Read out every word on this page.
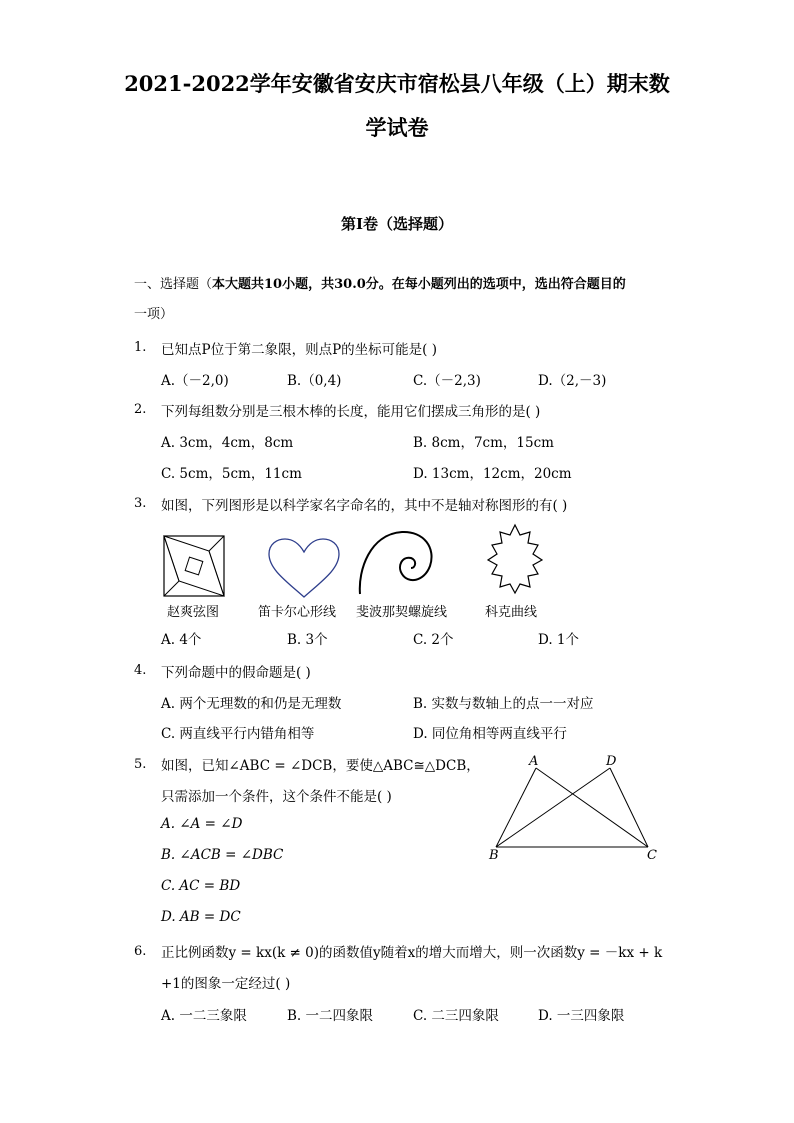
2021-2022学年安徽省安庆市宿松县八年级（上）期末数
学试卷
第I卷（选择题）
一、选择题（本大题共10小题，共30.0分。在每小题列出的选项中，选出符合题目的
一项）
1. 已知点P位于第二象限，则点P的坐标可能是( )
A.（－2,0)	B.（0,4)	C.（－2,3)	D.（2,－3)
2. 下列每组数分别是三根木棒的长度，能用它们摆成三角形的是( )
A. 3cm，4cm，8cm	B. 8cm，7cm，15cm
C. 5cm，5cm，11cm	D. 13cm，12cm，20cm
3. 如图，下列图形是以科学家名字命名的，其中不是轴对称图形的有( )
赵爽弦图	笛卡尔心形线 斐波那契螺旋线	科克曲线
A. 4个	B. 3个	C. 2个	D. 1个
4. 下列命题中的假命题是( )
A. 两个无理数的和仍是无理数	B. 实数与数轴上的点一一对应
C. 两直线平行内错角相等	D. 同位角相等两直线平行
5. 如图，已知∠ABC = ∠DCB，要使△ABC≅△DCB，
只需添加一个条件，这个条件不能是( )
A. ∠A = ∠D
B. ∠ACB = ∠DBC
C. AC = BD
D. AB = DC
A	D
B	C
6. 正比例函数y = kx(k ≠ 0)的函数值y随着x的增大而增大，则一次函数y = －kx + k
+1的图象一定经过( )
A. 一二三象限	B. 一二四象限	C. 二三四象限	D. 一三四象限
